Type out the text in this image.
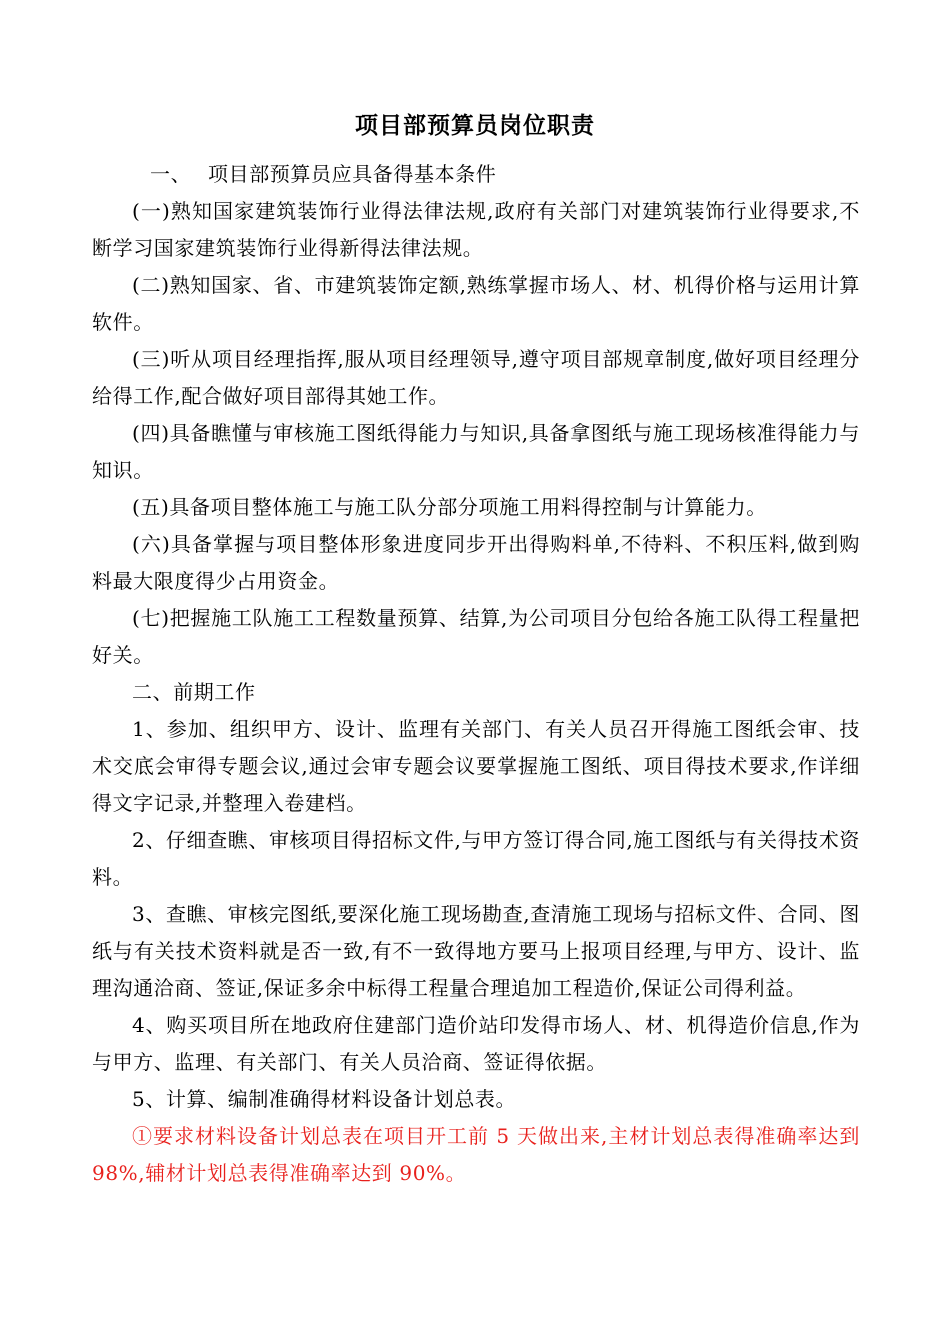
项目部预算员岗位职责

一、 项目部预算员应具备得基本条件

(一)熟知国家建筑装饰行业得法律法规,政府有关部门对建筑装饰行业得要求,不断学习国家建筑装饰行业得新得法律法规。

(二)熟知国家、省、市建筑装饰定额,熟练掌握市场人、材、机得价格与运用计算软件。

(三)听从项目经理指挥,服从项目经理领导,遵守项目部规章制度,做好项目经理分给得工作,配合做好项目部得其她工作。

(四)具备瞧懂与审核施工图纸得能力与知识,具备拿图纸与施工现场核准得能力与知识。

(五)具备项目整体施工与施工队分部分项施工用料得控制与计算能力。

(六)具备掌握与项目整体形象进度同步开出得购料单,不待料、不积压料,做到购料最大限度得少占用资金。

(七)把握施工队施工工程数量预算、结算,为公司项目分包给各施工队得工程量把好关。

二、前期工作

1、参加、组织甲方、设计、监理有关部门、有关人员召开得施工图纸会审、技术交底会审得专题会议,通过会审专题会议要掌握施工图纸、项目得技术要求,作详细得文字记录,并整理入卷建档。

2、仔细查瞧、审核项目得招标文件,与甲方签订得合同,施工图纸与有关得技术资料。

3、查瞧、审核完图纸,要深化施工现场勘查,查清施工现场与招标文件、合同、图纸与有关技术资料就是否一致,有不一致得地方要马上报项目经理,与甲方、设计、监理沟通洽商、签证,保证多余中标得工程量合理追加工程造价,保证公司得利益。

4、购买项目所在地政府住建部门造价站印发得市场人、材、机得造价信息,作为与甲方、监理、有关部门、有关人员洽商、签证得依据。

5、计算、编制准确得材料设备计划总表。

①要求材料设备计划总表在项目开工前 5 天做出来,主材计划总表得准确率达到 98%,辅材计划总表得准确率达到 90%。
